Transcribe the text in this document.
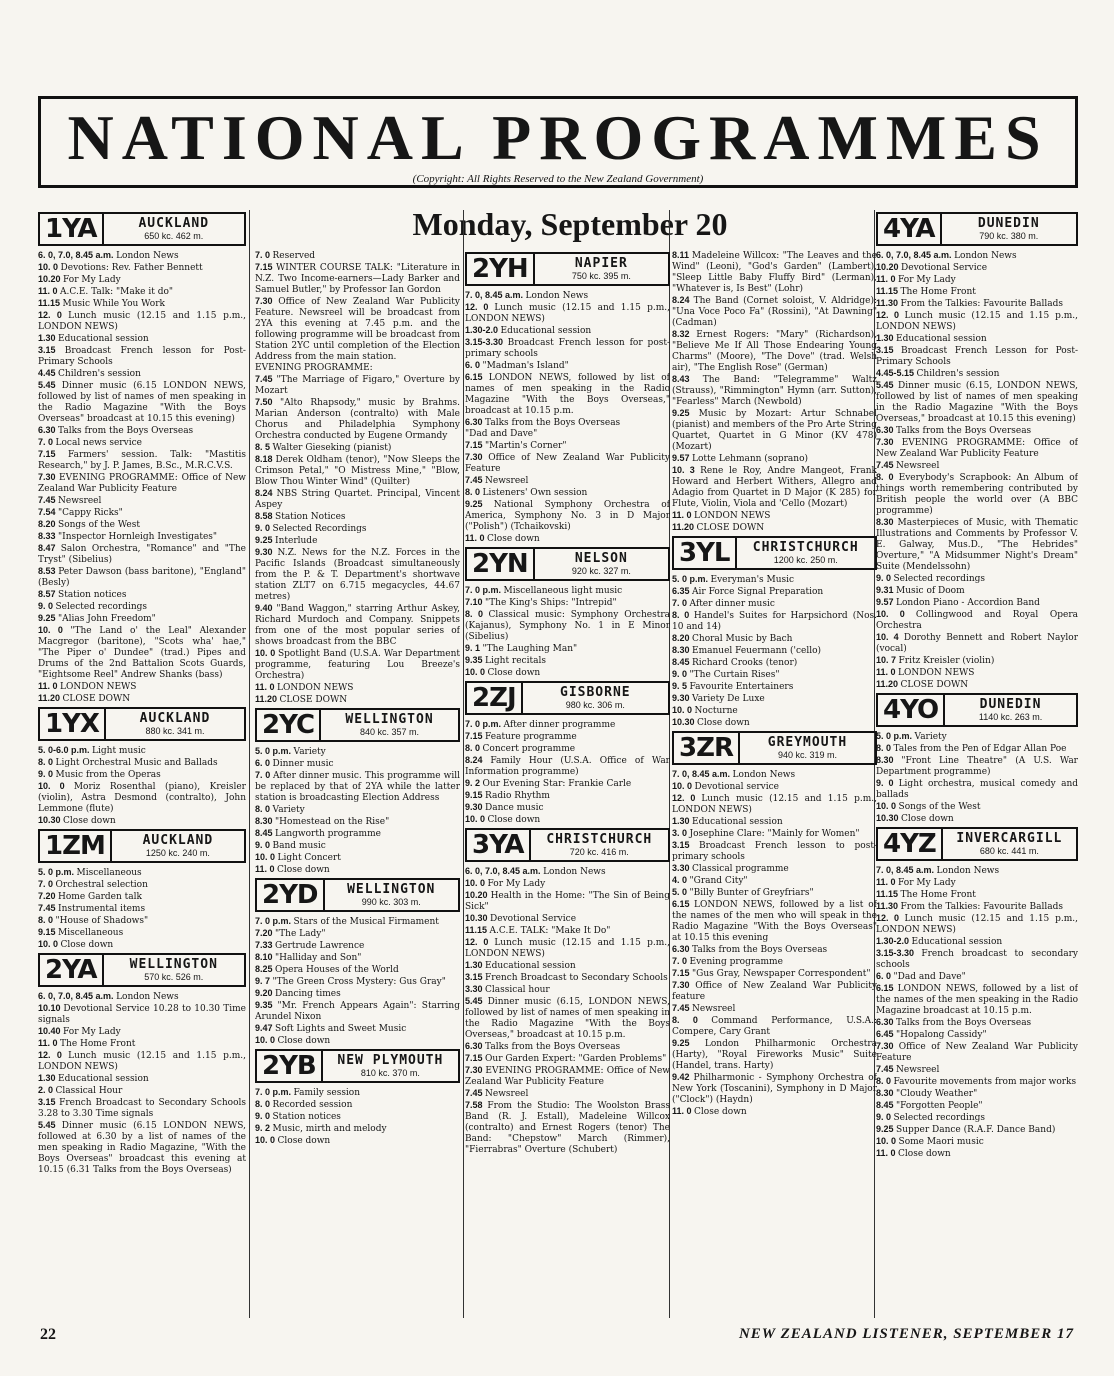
NATIONAL PROGRAMMES
(Copyright: All Rights Reserved to the New Zealand Government)
Monday, September 20
1YA	AUCKLAND
650 kc. 462 m.

6. 0, 7.0, 8.45 a.m. London News

10. 0 Devotions: Rev. Father Bennett

10.20 For My Lady

11. 0 A.C.E. Talk: "Make it do"

11.15 Music While You Work

12. 0 Lunch music (12.15 and 1.15 p.m., LONDON NEWS)

1.30 Educational session

3.15 Broadcast French lesson for Post-Primary Schools

4.45 Children's session

5.45 Dinner music (6.15 LONDON NEWS, followed by list of names of men speaking in the Radio Magazine "With the Boys Overseas" broadcast at 10.15 this evening)

6.30 Talks from the Boys Overseas

7. 0 Local news service

7.15 Farmers' session. Talk: "Mastitis Research," by J. P. James, B.Sc., M.R.C.V.S.

7.30 EVENING PROGRAMME: Office of New Zealand War Publicity Feature

7.45 Newsreel

7.54 "Cappy Ricks"

8.20 Songs of the West

8.33 "Inspector Hornleigh Investigates"

8.47 Salon Orchestra, "Romance" and "The Tryst" (Sibelius)

8.53 Peter Dawson (bass baritone), "England" (Besly)

8.57 Station notices

9. 0 Selected recordings

9.25 "Alias John Freedom"

10. 0 "The Land o' the Leal" Alexander Macgregor (baritone), "Scots wha' hae," "The Piper o' Dundee" (trad.) Pipes and Drums of the 2nd Battalion Scots Guards, "Eightsome Reel" Andrew Shanks (bass)

11. 0 LONDON NEWS

11.20 CLOSE DOWN

1YX	AUCKLAND
880 kc. 341 m.

5. 0-6.0 p.m. Light music

8. 0 Light Orchestral Music and Ballads

9. 0 Music from the Operas

10. 0 Moriz Rosenthal (piano), Kreisler (violin), Astra Desmond (contralto), John Lemmone (flute)

10.30 Close down

1ZM	AUCKLAND
1250 kc. 240 m.

5. 0 p.m. Miscellaneous

7. 0 Orchestral selection

7.20 Home Garden talk

7.45 Instrumental items

8. 0 "House of Shadows"

9.15 Miscellaneous

10. 0 Close down

2YA	WELLINGTON
570 kc. 526 m.

6. 0, 7.0, 8.45 a.m. London News

10.10 Devotional Service 10.28 to 10.30 Time signals

10.40 For My Lady

11. 0 The Home Front

12. 0 Lunch music (12.15 and 1.15 p.m., LONDON NEWS)

1.30 Educational session

2. 0 Classical Hour

3.15 French Broadcast to Secondary Schools 3.28 to 3.30 Time signals

5.45 Dinner music (6.15 LONDON NEWS, followed at 6.30 by a list of names of the men speaking in Radio Magazine, "With the Boys Overseas" broadcast this evening at 10.15 (6.31 Talks from the Boys Overseas)

7. 0 Reserved

7.15 WINTER COURSE TALK: "Literature in N.Z. Two Income-earners—Lady Barker and Samuel Butler," by Professor Ian Gordon

7.30 Office of New Zealand War Publicity Feature. Newsreel will be broadcast from 2YA this evening at 7.45 p.m. and the following programme will be broadcast from Station 2YC until completion of the Election Address from the main station.

EVENING PROGRAMME:

7.45 "The Marriage of Figaro," Overture by Mozart

7.50 "Alto Rhapsody," music by Brahms. Marian Anderson (contralto) with Male Chorus and Philadelphia Symphony Orchestra conducted by Eugene Ormandy

8. 5 Walter Gieseking (pianist)

8.18 Derek Oldham (tenor), "Now Sleeps the Crimson Petal," "O Mistress Mine," "Blow, Blow Thou Winter Wind" (Quilter)

8.24 NBS String Quartet. Principal, Vincent Aspey

8.58 Station Notices

9. 0 Selected Recordings

9.25 Interlude

9.30 N.Z. News for the N.Z. Forces in the Pacific Islands (Broadcast simultaneously from the P. & T. Department's shortwave station ZLT7 on 6.715 megacycles, 44.67 metres)

9.40 "Band Waggon," starring Arthur Askey, Richard Murdoch and Company. Snippets from one of the most popular series of shows broadcast from the BBC

10. 0 Spotlight Band (U.S.A. War Department programme, featuring Lou Breeze's Orchestra)

11. 0 LONDON NEWS

11.20 CLOSE DOWN

2YC	WELLINGTON
840 kc. 357 m.

5. 0 p.m. Variety

6. 0 Dinner music

7. 0 After dinner music. This programme will be replaced by that of 2YA while the latter station is broadcasting Election Address

8. 0 Variety

8.30 "Homestead on the Rise"

8.45 Langworth programme

9. 0 Band music

10. 0 Light Concert

11. 0 Close down

2YD	WELLINGTON
990 kc. 303 m.

7. 0 p.m. Stars of the Musical Firmament

7.20 "The Lady"

7.33 Gertrude Lawrence

8.10 "Halliday and Son"

8.25 Opera Houses of the World

9. 7 "The Green Cross Mystery: Gus Gray"

9.20 Dancing times

9.35 "Mr. French Appears Again": Starring Arundel Nixon

9.47 Soft Lights and Sweet Music

10. 0 Close down

2YB	NEW PLYMOUTH
810 kc. 370 m.

7. 0 p.m. Family session

8. 0 Recorded session

9. 0 Station notices

9. 2 Music, mirth and melody

10. 0 Close down

2YH	NAPIER
750 kc. 395 m.

7. 0, 8.45 a.m. London News

12. 0 Lunch music (12.15 and 1.15 p.m., LONDON NEWS)

1.30-2.0 Educational session

3.15-3.30 Broadcast French lesson for post-primary schools

6. 0 "Madman's Island"

6.15 LONDON NEWS, followed by list of names of men speaking in the Radio Magazine "With the Boys Overseas," broadcast at 10.15 p.m.

6.30 Talks from the Boys Overseas

"Dad and Dave"

7.15 "Martin's Corner"

7.30 Office of New Zealand War Publicity Feature

7.45 Newsreel

8. 0 Listeners' Own session

9.25 National Symphony Orchestra of America, Symphony No. 3 in D Major ("Polish") (Tchaikovski)

11. 0 Close down

2YN	NELSON
920 kc. 327 m.

7. 0 p.m. Miscellaneous light music

7.10 "The King's Ships: "Intrepid"

8. 0 Classical music: Symphony Orchestra (Kajanus), Symphony No. 1 in E Minor (Sibelius)

9. 1 "The Laughing Man"

9.35 Light recitals

10. 0 Close down

2ZJ	GISBORNE
980 kc. 306 m.

7. 0 p.m. After dinner programme

7.15 Feature programme

8. 0 Concert programme

8.24 Family Hour (U.S.A. Office of War Information programme)

9. 2 Our Evening Star: Frankie Carle

9.15 Radio Rhythm

9.30 Dance music

10. 0 Close down

3YA	CHRISTCHURCH
720 kc. 416 m.

6. 0, 7.0, 8.45 a.m. London News

10. 0 For My Lady

10.20 Health in the Home: "The Sin of Being Sick"

10.30 Devotional Service

11.15 A.C.E. TALK: "Make It Do"

12. 0 Lunch music (12.15 and 1.15 p.m., LONDON NEWS)

1.30 Educational session

3.15 French Broadcast to Secondary Schools

3.30 Classical hour

5.45 Dinner music (6.15, LONDON NEWS, followed by list of names of men speaking in the Radio Magazine "With the Boys Overseas," broadcast at 10.15 p.m.

6.30 Talks from the Boys Overseas

7.15 Our Garden Expert: "Garden Problems"

7.30 EVENING PROGRAMME: Office of New Zealand War Publicity Feature

7.45 Newsreel

7.58 From the Studio: The Woolston Brass Band (R. J. Estall), Madeleine Willcox (contralto) and Ernest Rogers (tenor) The Band: "Chepstow" March (Rimmer), "Fierrabras" Overture (Schubert)

8.11 Madeleine Willcox: "The Leaves and the Wind" (Leoni), "God's Garden" (Lambert), "Sleep Little Baby Fluffy Bird" (Lerman), "Whatever is, Is Best" (Lohr)

8.24 The Band (Cornet soloist, V. Aldridge): "Una Voce Poco Fa" (Rossini), "At Dawning" (Cadman)

8.32 Ernest Rogers: "Mary" (Richardson), "Believe Me If All Those Endearing Young Charms" (Moore), "The Dove" (trad. Welsh air), "The English Rose" (German)

8.43 The Band: "Telegramme" Waltz (Strauss), "Rimmington" Hymn (arr. Sutton), "Fearless" March (Newbold)

9.25 Music by Mozart: Artur Schnabel (pianist) and members of the Pro Arte String Quartet, Quartet in G Minor (KV 478) (Mozart)

9.57 Lotte Lehmann (soprano)

10. 3 Rene le Roy, Andre Mangeot, Frank Howard and Herbert Withers, Allegro and Adagio from Quartet in D Major (K 285) for Flute, Violin, Viola and 'Cello (Mozart)

11. 0 LONDON NEWS

11.20 CLOSE DOWN

3YL	CHRISTCHURCH
1200 kc. 250 m.

5. 0 p.m. Everyman's Music

6.35 Air Force Signal Preparation

7. 0 After dinner music

8. 0 Handel's Suites for Harpsichord (Nos. 10 and 14)

8.20 Choral Music by Bach

8.30 Emanuel Feuermann ('cello)

8.45 Richard Crooks (tenor)

9. 0 "The Curtain Rises"

9. 5 Favourite Entertainers

9.30 Variety De Luxe

10. 0 Nocturne

10.30 Close down

3ZR	GREYMOUTH
940 kc. 319 m.

7. 0, 8.45 a.m. London News

10. 0 Devotional service

12. 0 Lunch music (12.15 and 1.15 p.m., LONDON NEWS)

1.30 Educational session

3. 0 Josephine Clare: "Mainly for Women"

3.15 Broadcast French lesson to post-primary schools

3.30 Classical programme

4. 0 "Grand City"

5. 0 "Billy Bunter of Greyfriars"

6.15 LONDON NEWS, followed by a list of the names of the men who will speak in the Radio Magazine "With the Boys Overseas" at 10.15 this evening

6.30 Talks from the Boys Overseas

7. 0 Evening programme

7.15 "Gus Gray, Newspaper Correspondent"

7.30 Office of New Zealand War Publicity feature

7.45 Newsreel

8. 0 Command Performance, U.S.A.: Compere, Cary Grant

9.25 London Philharmonic Orchestra (Harty), "Royal Fireworks Music" Suite (Handel, trans. Harty)

9.42 Philharmonic - Symphony Orchestra of New York (Toscanini), Symphony in D Major ("Clock") (Haydn)

11. 0 Close down

4YA	DUNEDIN
790 kc. 380 m.

6. 0, 7.0, 8.45 a.m. London News

10.20 Devotional Service

11. 0 For My Lady

11.15 The Home Front

11.30 From the Talkies: Favourite Ballads

12. 0 Lunch music (12.15 and 1.15 p.m., LONDON NEWS)

1.30 Educational session

3.15 Broadcast French Lesson for Post-Primary Schools

4.45-5.15 Children's session

5.45 Dinner music (6.15, LONDON NEWS, followed by list of names of men speaking in the Radio Magazine "With the Boys Overseas," broadcast at 10.15 this evening)

6.30 Talks from the Boys Overseas

7.30 EVENING PROGRAMME: Office of New Zealand War Publicity Feature

7.45 Newsreel

8. 0 Everybody's Scrapbook: An Album of things worth remembering contributed by British people the world over (A BBC programme)

8.30 Masterpieces of Music, with Thematic Illustrations and Comments by Professor V. E. Galway, Mus.D., "The Hebrides" Overture," "A Midsummer Night's Dream" Suite (Mendelssohn)

9. 0 Selected recordings

9.31 Music of Doom

9.57 London Piano - Accordion Band

10. 0 Collingwood and Royal Opera Orchestra

10. 4 Dorothy Bennett and Robert Naylor (vocal)

10. 7 Fritz Kreisler (violin)

11. 0 LONDON NEWS

11.20 CLOSE DOWN

4YO	DUNEDIN
1140 kc. 263 m.

5. 0 p.m. Variety

8. 0 Tales from the Pen of Edgar Allan Poe

8.30 "Front Line Theatre" (A U.S. War Department programme)

9. 0 Light orchestra, musical comedy and ballads

10. 0 Songs of the West

10.30 Close down

4YZ	INVERCARGILL
680 kc. 441 m.

7. 0, 8.45 a.m. London News

11. 0 For My Lady

11.15 The Home Front

11.30 From the Talkies: Favourite Ballads

12. 0 Lunch music (12.15 and 1.15 p.m., LONDON NEWS)

1.30-2.0 Educational session

3.15-3.30 French broadcast to secondary schools

6. 0 "Dad and Dave"

6.15 LONDON NEWS, followed by a list of the names of the men speaking in the Radio Magazine broadcast at 10.15 p.m.

6.30 Talks from the Boys Overseas

6.45 "Hopalong Cassidy"

7.30 Office of New Zealand War Publicity Feature

7.45 Newsreel

8. 0 Favourite movements from major works

8.30 "Cloudy Weather"

8.45 "Forgotten People"

9. 0 Selected recordings

9.25 Supper Dance (R.A.F. Dance Band)

10. 0 Some Maori music

11. 0 Close down

22	NEW ZEALAND LISTENER, SEPTEMBER 17
